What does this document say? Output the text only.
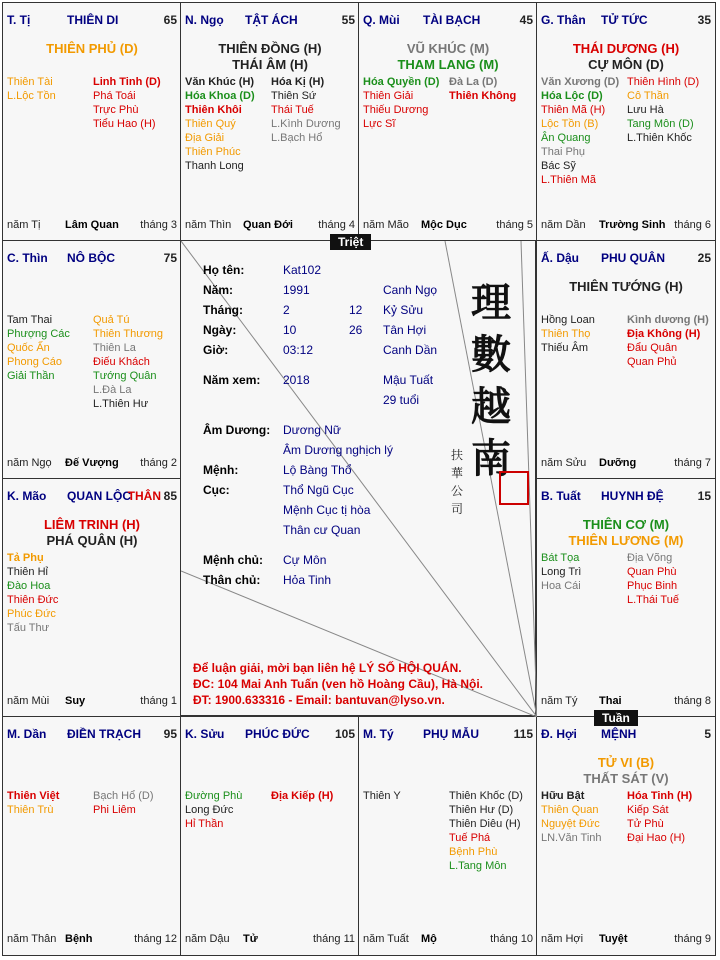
T. Tị	THIÊN DI	65
THIÊN PHỦ (D)
Thiên Tài
L.Lộc Tồn
Linh Tinh (D)
Phá Toái
Trực Phù
Tiểu Hao (H)
năm Tị Lâm Quan tháng 3
N. Ngọ TẬT ÁCH	55
THIÊN ĐỒNG (H)
THÁI ÂM (H)
Văn Khúc (H)
Hóa Khoa (D)
Thiên Khôi
Thiên Quý
Địa Giải
Thiên Phúc
Thanh Long
Hóa Kị (H)
Thiên Sứ
Thái Tuế
L.Kình Dương
L.Bạch Hổ
năm Thìn Quan Đới tháng 4
Q. Mùi TÀI BẠCH	45
VŨ KHÚC (M)
THAM LANG (M)
Hóa Quyền (D)
Thiên Giải
Thiếu Dương
Lực Sĩ
Đà La (D)
Thiên Không
năm Mão Mộc Dục	tháng 5
G. Thân TỬ TỨC	35
THÁI DƯƠNG (H)
CỰ MÔN (D)
Văn Xương (D)
Hóa Lộc (D)
Thiên Mã (H)
Lộc Tồn (B)
Ân Quang
Thai Phụ
Bác Sỹ
L.Thiên Mã
Thiên Hình (D)
Cô Thần
Lưu Hà
Tang Môn (D)
L.Thiên Khốc
năm Dần Trường Sinh tháng 6
C. Thìn NÔ BỘC	75
Tam Thai
Phượng Các
Quốc Ấn
Phong Cáo
Giải Thần
Quả Tú
Thiên Thương
Thiên La
Điếu Khách
Tướng Quân
L.Đà La
L.Thiên Hư
năm Ngọ Đế Vượng tháng 2
Ấ. Dậu PHU QUÂN	25
THIÊN TƯỚNG (H)
Hồng Loan
Thiên Thọ
Thiếu Âm
Kình dương (H)
Địa Không (H)
Đẩu Quân
Quan Phủ
năm Sửu Dưỡng	tháng 7
K. Mão QUAN LỘC
THÂN 85
LIÊM TRINH (H)
PHÁ QUÂN (H)
Tả Phụ
Thiên Hỉ
Đào Hoa
Thiên Đức
Phúc Đức
Tấu Thư
năm Mùi Suy	tháng 1
B. Tuất HUYNH ĐỆ	15
THIÊN CƠ (M)
THIÊN LƯƠNG (M)
Bát Tọa
Long Trì
Hoa Cái
Địa Võng
Quan Phù
Phục Binh
L.Thái Tuế
năm Tý Thai	tháng 8
M. Dần ĐIỀN TRẠCH 95
Thiên Việt
Thiên Trù
Bạch Hổ (D)
Phi Liêm
năm Thân Bệnh	tháng 12
K. Sửu PHÚC ĐỨC 105
Đường Phù
Long Đức
Hỉ Thần
Địa Kiếp (H)
năm Dậu Tử	tháng 11
M. Tý PHỤ MẪU	115
Thiên Y	Thiên Khốc (D)
Thiên Hư (D)
Thiên Diêu (H)
Tuế Phá
Bệnh Phù
L.Tang Môn
năm Tuất Mộ	tháng 10
Đ. Hợi MỆNH	5
TỬ VI (B)
THẤT SÁT (V)
Hữu Bật
Thiên Quan
Nguyệt Đức
LN.Văn Tinh
Hóa Tinh (H)
Kiếp Sát
Tử Phù
Đại Hao (H)
năm Hợi Tuyệt	tháng 9
Họ tên:	Kat102
Năm:	1991	Canh Ngọ
Tháng:	2	12 Kỷ Sửu
Ngày:	10	26 Tân Hợi
Giờ:	03:12	Canh Dần
Năm xem: 2018	Mậu Tuất
29 tuổi
Âm Dương: Dương Nữ
Âm Dương nghịch lý
Mệnh:	Lộ Bàng Thổ
Cục:	Thổ Ngũ Cục
Mệnh Cục tị hòa
Thân cư Quan
Mệnh chủ: Cự Môn
Thân chủ: Hỏa Tinh
理
數
越
南
扶
華
公
司
Để luận giải, mời bạn liên hệ LÝ SỐ HỘI QUÁN.
ĐC: 104 Mai Anh Tuấn (ven hồ Hoàng Cầu), Hà Nội.
ĐT: 1900.633316 - Email: bantuvan@lyso.vn.
Triệt
Tuần
